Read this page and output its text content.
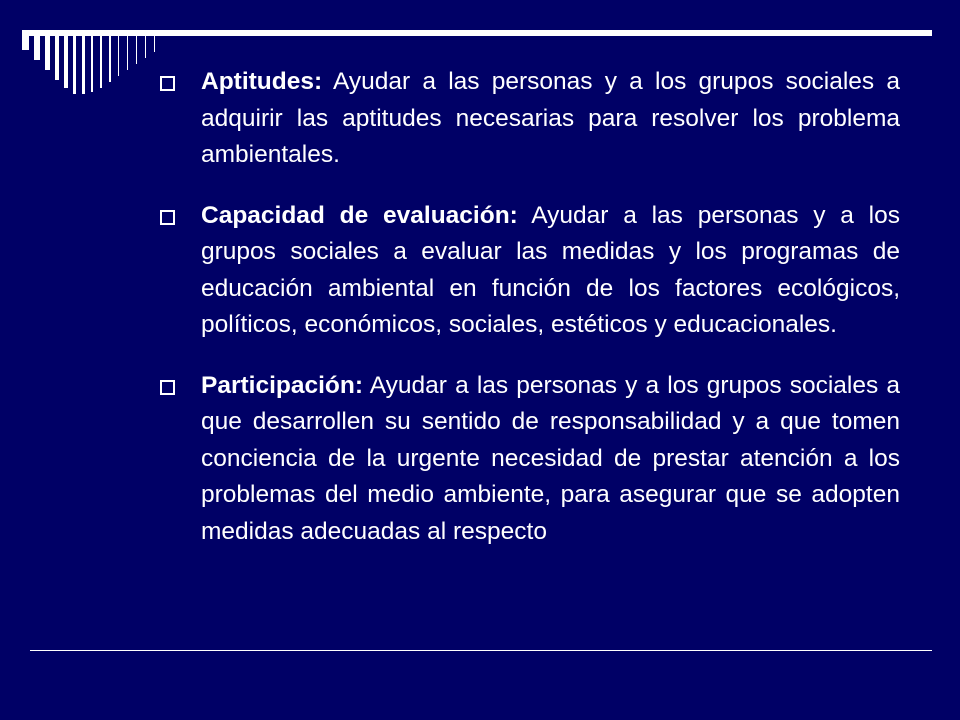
Aptitudes: Ayudar a las personas y a los grupos sociales a adquirir las aptitudes necesarias para resolver los problema ambientales.
Capacidad de evaluación: Ayudar a las personas y a los grupos sociales a evaluar las medidas y los programas de educación ambiental en función de los factores ecológicos, políticos, económicos, sociales, estéticos y educacionales.
Participación: Ayudar a las personas y a los grupos sociales a que desarrollen su sentido de responsabilidad y a que tomen conciencia de la urgente necesidad de prestar atención a los problemas del medio ambiente, para asegurar que se adopten medidas adecuadas al respecto
